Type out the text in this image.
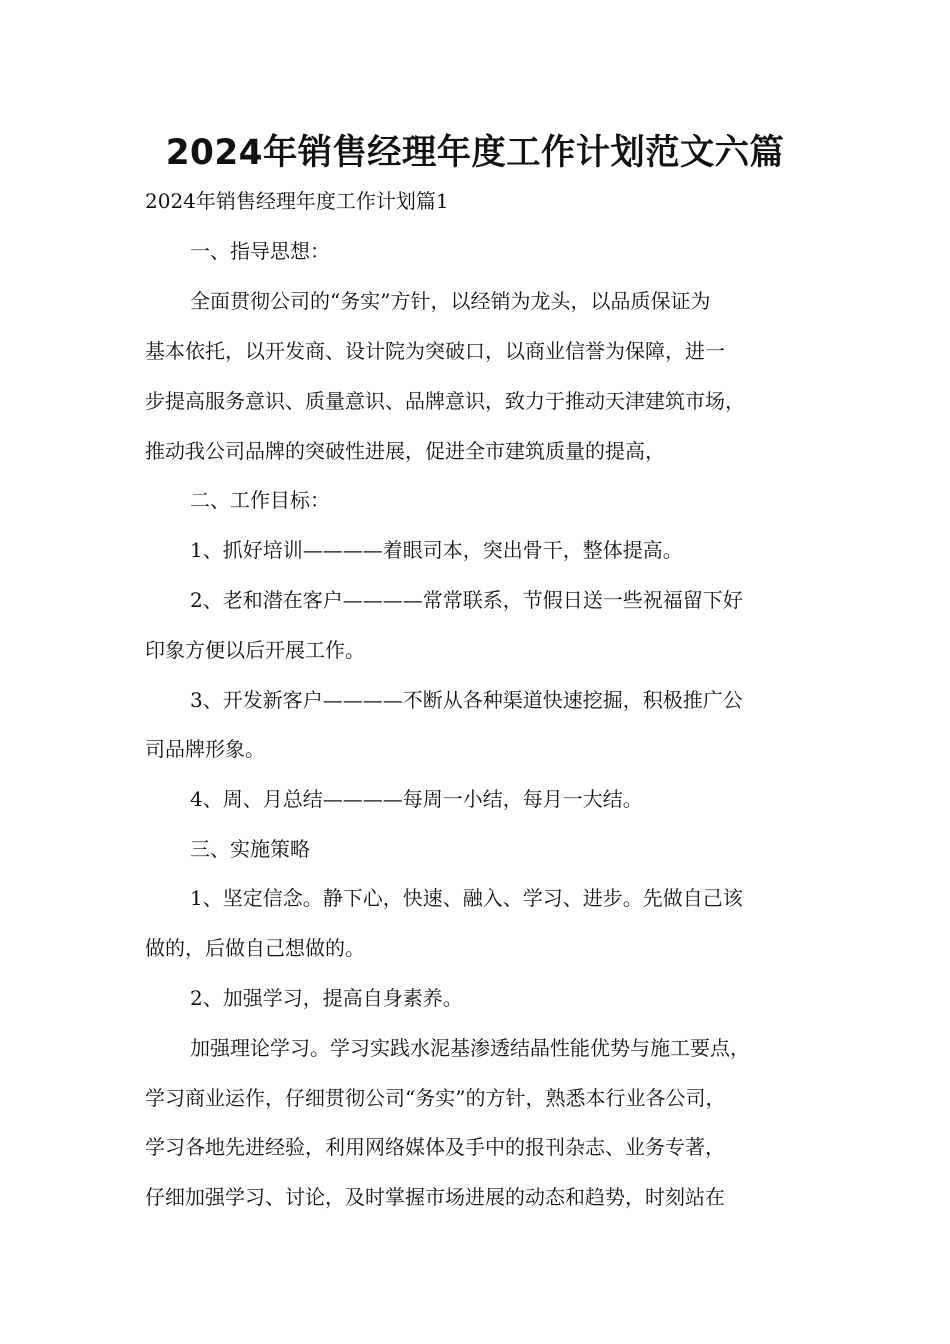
2024年销售经理年度工作计划范文六篇
2024年销售经理年度工作计划篇1
一、指导思想：
全面贯彻公司的“务实”方针，以经销为龙头，以品质保证为
基本依托，以开发商、设计院为突破口，以商业信誉为保障，进一
步提高服务意识、质量意识、品牌意识，致力于推动天津建筑市场，
推动我公司品牌的突破性进展，促进全市建筑质量的提高，
二、工作目标：
1、抓好培训————着眼司本，突出骨干，整体提高。
2、老和潜在客户————常常联系，节假日送一些祝福留下好
印象方便以后开展工作。
3、开发新客户————不断从各种渠道快速挖掘，积极推广公
司品牌形象。
4、周、月总结————每周一小结，每月一大结。
三、实施策略
1、坚定信念。静下心，快速、融入、学习、进步。先做自己该
做的，后做自己想做的。
2、加强学习，提高自身素养。
加强理论学习。学习实践水泥基渗透结晶性能优势与施工要点，
学习商业运作，仔细贯彻公司“务实”的方针，熟悉本行业各公司，
学习各地先进经验，利用网络媒体及手中的报刊杂志、业务专著，
仔细加强学习、讨论，及时掌握市场进展的动态和趋势，时刻站在
